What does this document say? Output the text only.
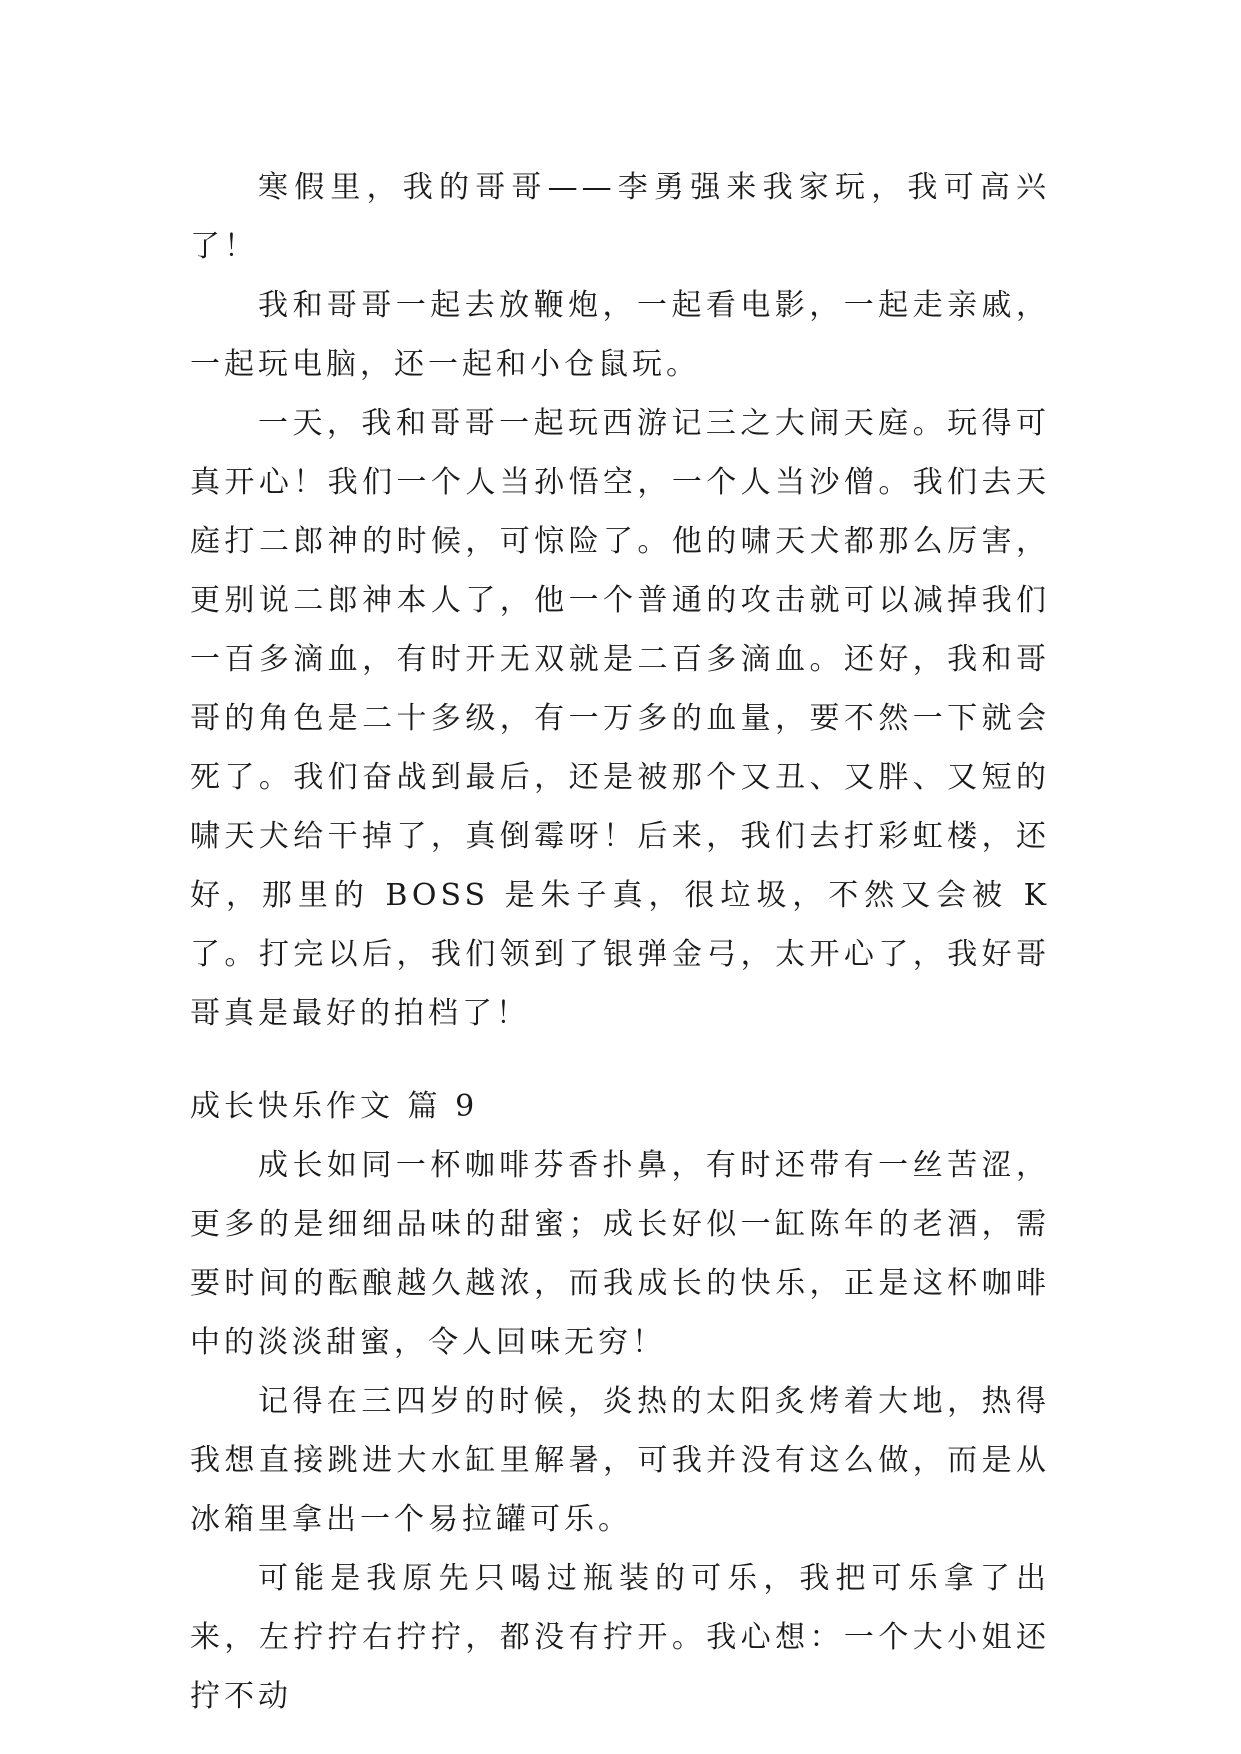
寒假里，我的哥哥——李勇强来我家玩，我可高兴了！

我和哥哥一起去放鞭炮，一起看电影，一起走亲戚，一起玩电脑，还一起和小仓鼠玩。

一天，我和哥哥一起玩西游记三之大闹天庭。玩得可真开心！我们一个人当孙悟空，一个人当沙僧。我们去天庭打二郎神的时候，可惊险了。他的啸天犬都那么厉害，更别说二郎神本人了，他一个普通的攻击就可以减掉我们一百多滴血，有时开无双就是二百多滴血。还好，我和哥哥的角色是二十多级，有一万多的血量，要不然一下就会死了。我们奋战到最后，还是被那个又丑、又胖、又短的啸天犬给干掉了，真倒霉呀！后来，我们去打彩虹楼，还好，那里的 BOSS 是朱子真，很垃圾，不然又会被 K 了。打完以后，我们领到了银弹金弓，太开心了，我好哥哥真是最好的拍档了！

成长快乐作文 篇 9

成长如同一杯咖啡芬香扑鼻，有时还带有一丝苦涩，更多的是细细品味的甜蜜；成长好似一缸陈年的老酒，需要时间的酝酿越久越浓，而我成长的快乐，正是这杯咖啡中的淡淡甜蜜，令人回味无穷！

记得在三四岁的时候，炎热的太阳炙烤着大地，热得我想直接跳进大水缸里解暑，可我并没有这么做，而是从冰箱里拿出一个易拉罐可乐。

可能是我原先只喝过瓶装的可乐，我把可乐拿了出来，左拧拧右拧拧，都没有拧开。我心想：一个大小姐还拧不动
